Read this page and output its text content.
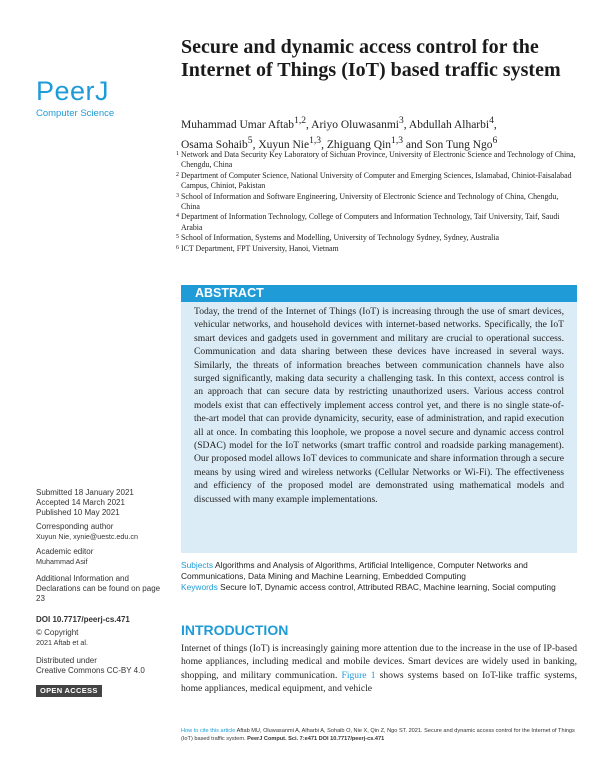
PeerJ
Computer Science
Secure and dynamic access control for the Internet of Things (IoT) based traffic system
Muhammad Umar Aftab$^{1,2}$, Ariyo Oluwasanmi$^3$, Abdullah Alharbi$^4$,
Osama Sohaib$^5$, Xuyun Nie$^{1,3}$, Zhiguang Qin$^{1,3}$ and Son Tung Ngo$^6$
1 Network and Data Security Key Laboratory of Sichuan Province, University of Electronic Science and Technology of China, Chengdu, China
2 Department of Computer Science, National University of Computer and Emerging Sciences, Islamabad, Chiniot-Faisalabad Campus, Chiniot, Pakistan
3 School of Information and Software Engineering, University of Electronic Science and Technology of China, Chengdu, China
4 Department of Information Technology, College of Computers and Information Technology, Taif University, Taif, Saudi Arabia
5 School of Information, Systems and Modelling, University of Technology Sydney, Sydney, Australia
6 ICT Department, FPT University, Hanoi, Vietnam
ABSTRACT
Today, the trend of the Internet of Things (IoT) is increasing through the use of smart devices, vehicular networks, and household devices with internet-based networks. Specifically, the IoT smart devices and gadgets used in government and military are crucial to operational success. Communication and data sharing between these devices have increased in several ways. Similarly, the threats of information breaches between communication channels have also surged significantly, making data security a challenging task. In this context, access control is an approach that can secure data by restricting unauthorized users. Various access control models exist that can effectively implement access control yet, and there is no single state-of-the-art model that can provide dynamicity, security, ease of administration, and rapid execution all at once. In combating this loophole, we propose a novel secure and dynamic access control (SDAC) model for the IoT networks (smart traffic control and roadside parking management). Our proposed model allows IoT devices to communicate and share information through a secure means by using wired and wireless networks (Cellular Networks or Wi-Fi). The effectiveness and efficiency of the proposed model are demonstrated using mathematical models and discussed with many example implementations.
Submitted 18 January 2021
Accepted 14 March 2021
Published 10 May 2021
Corresponding author
Xuyun Nie, xynie@uestc.edu.cn
Academic editor
Muhammad Asif
Additional Information and Declarations can be found on page 23
DOI 10.7717/peerj-cs.471
© Copyright
2021 Aftab et al.
Distributed under
Creative Commons CC-BY 4.0
OPEN ACCESS
Subjects Algorithms and Analysis of Algorithms, Artificial Intelligence, Computer Networks and Communications, Data Mining and Machine Learning, Embedded Computing
Keywords Secure IoT, Dynamic access control, Attributed RBAC, Machine learning, Social computing
INTRODUCTION
Internet of things (IoT) is increasingly gaining more attention due to the increase in the use of IP-based home appliances, including medical and mobile devices. Smart devices are widely used in banking, shopping, and military communication. Figure 1 shows systems based on IoT-like traffic systems, home appliances, medical equipment, and vehicle
How to cite this article Aftab MU, Oluwasanmi A, Alharbi A, Sohaib O, Nie X, Qin Z, Ngo ST. 2021. Secure and dynamic access control for the Internet of Things (IoT) based traffic system. PeerJ Comput. Sci. 7:e471 DOI 10.7717/peerj-cs.471
